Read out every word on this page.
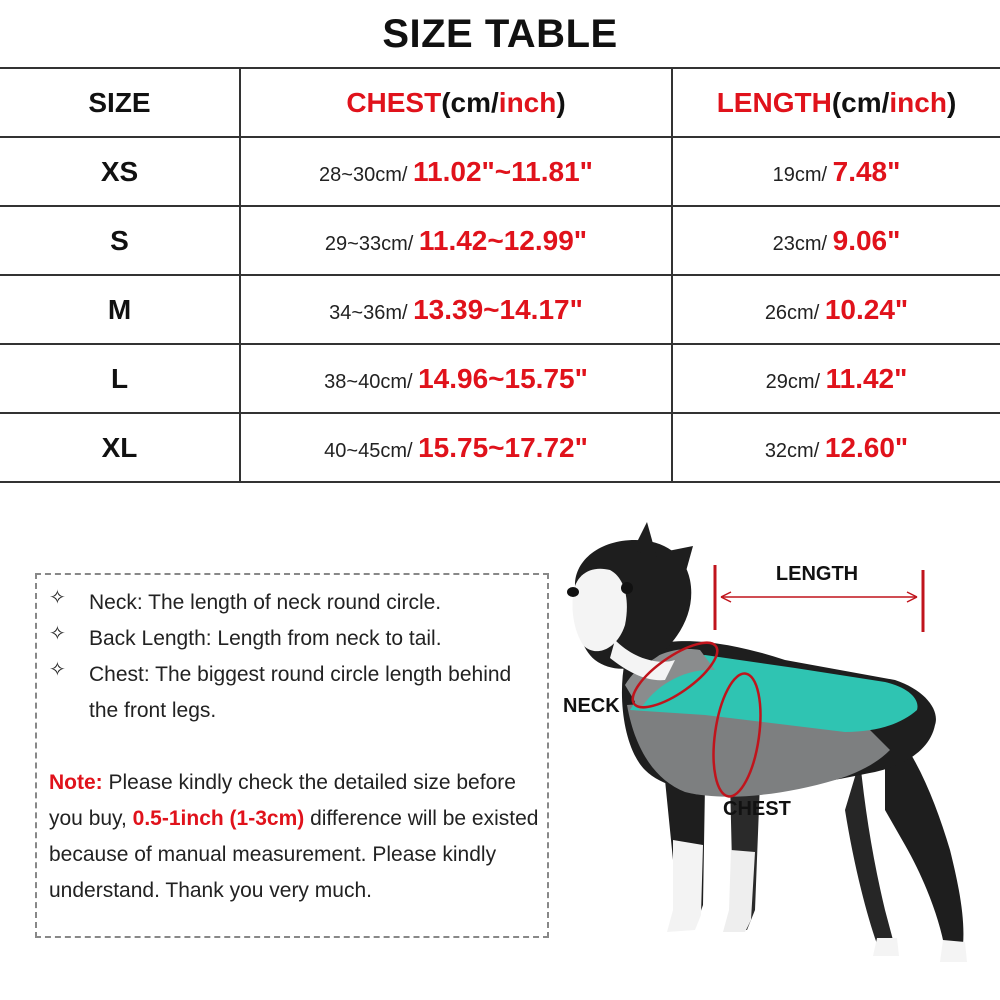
SIZE TABLE
SIZE	CHEST(cm/inch)	LENGTH(cm/inch)
XS	28~30cm/ 11.02"~11.81"	19cm/ 7.48"
S	29~33cm/ 11.42~12.99"	23cm/ 9.06"
M	34~36m/ 13.39~14.17"	26cm/ 10.24"
L	38~40cm/ 14.96~15.75"	29cm/ 11.42"
XL	40~45cm/ 15.75~17.72"	32cm/ 12.60"
✧	Neck: The length of neck round circle.
✧	Back Length: Length from neck to tail.
✧	Chest: The biggest round circle length behind the front legs.
Note: Please kindly check the detailed size before you buy, 0.5-1inch (1-3cm) difference will be existed because of manual measurement. Please kindly understand. Thank you very much.
LENGTH
NECK
CHEST
